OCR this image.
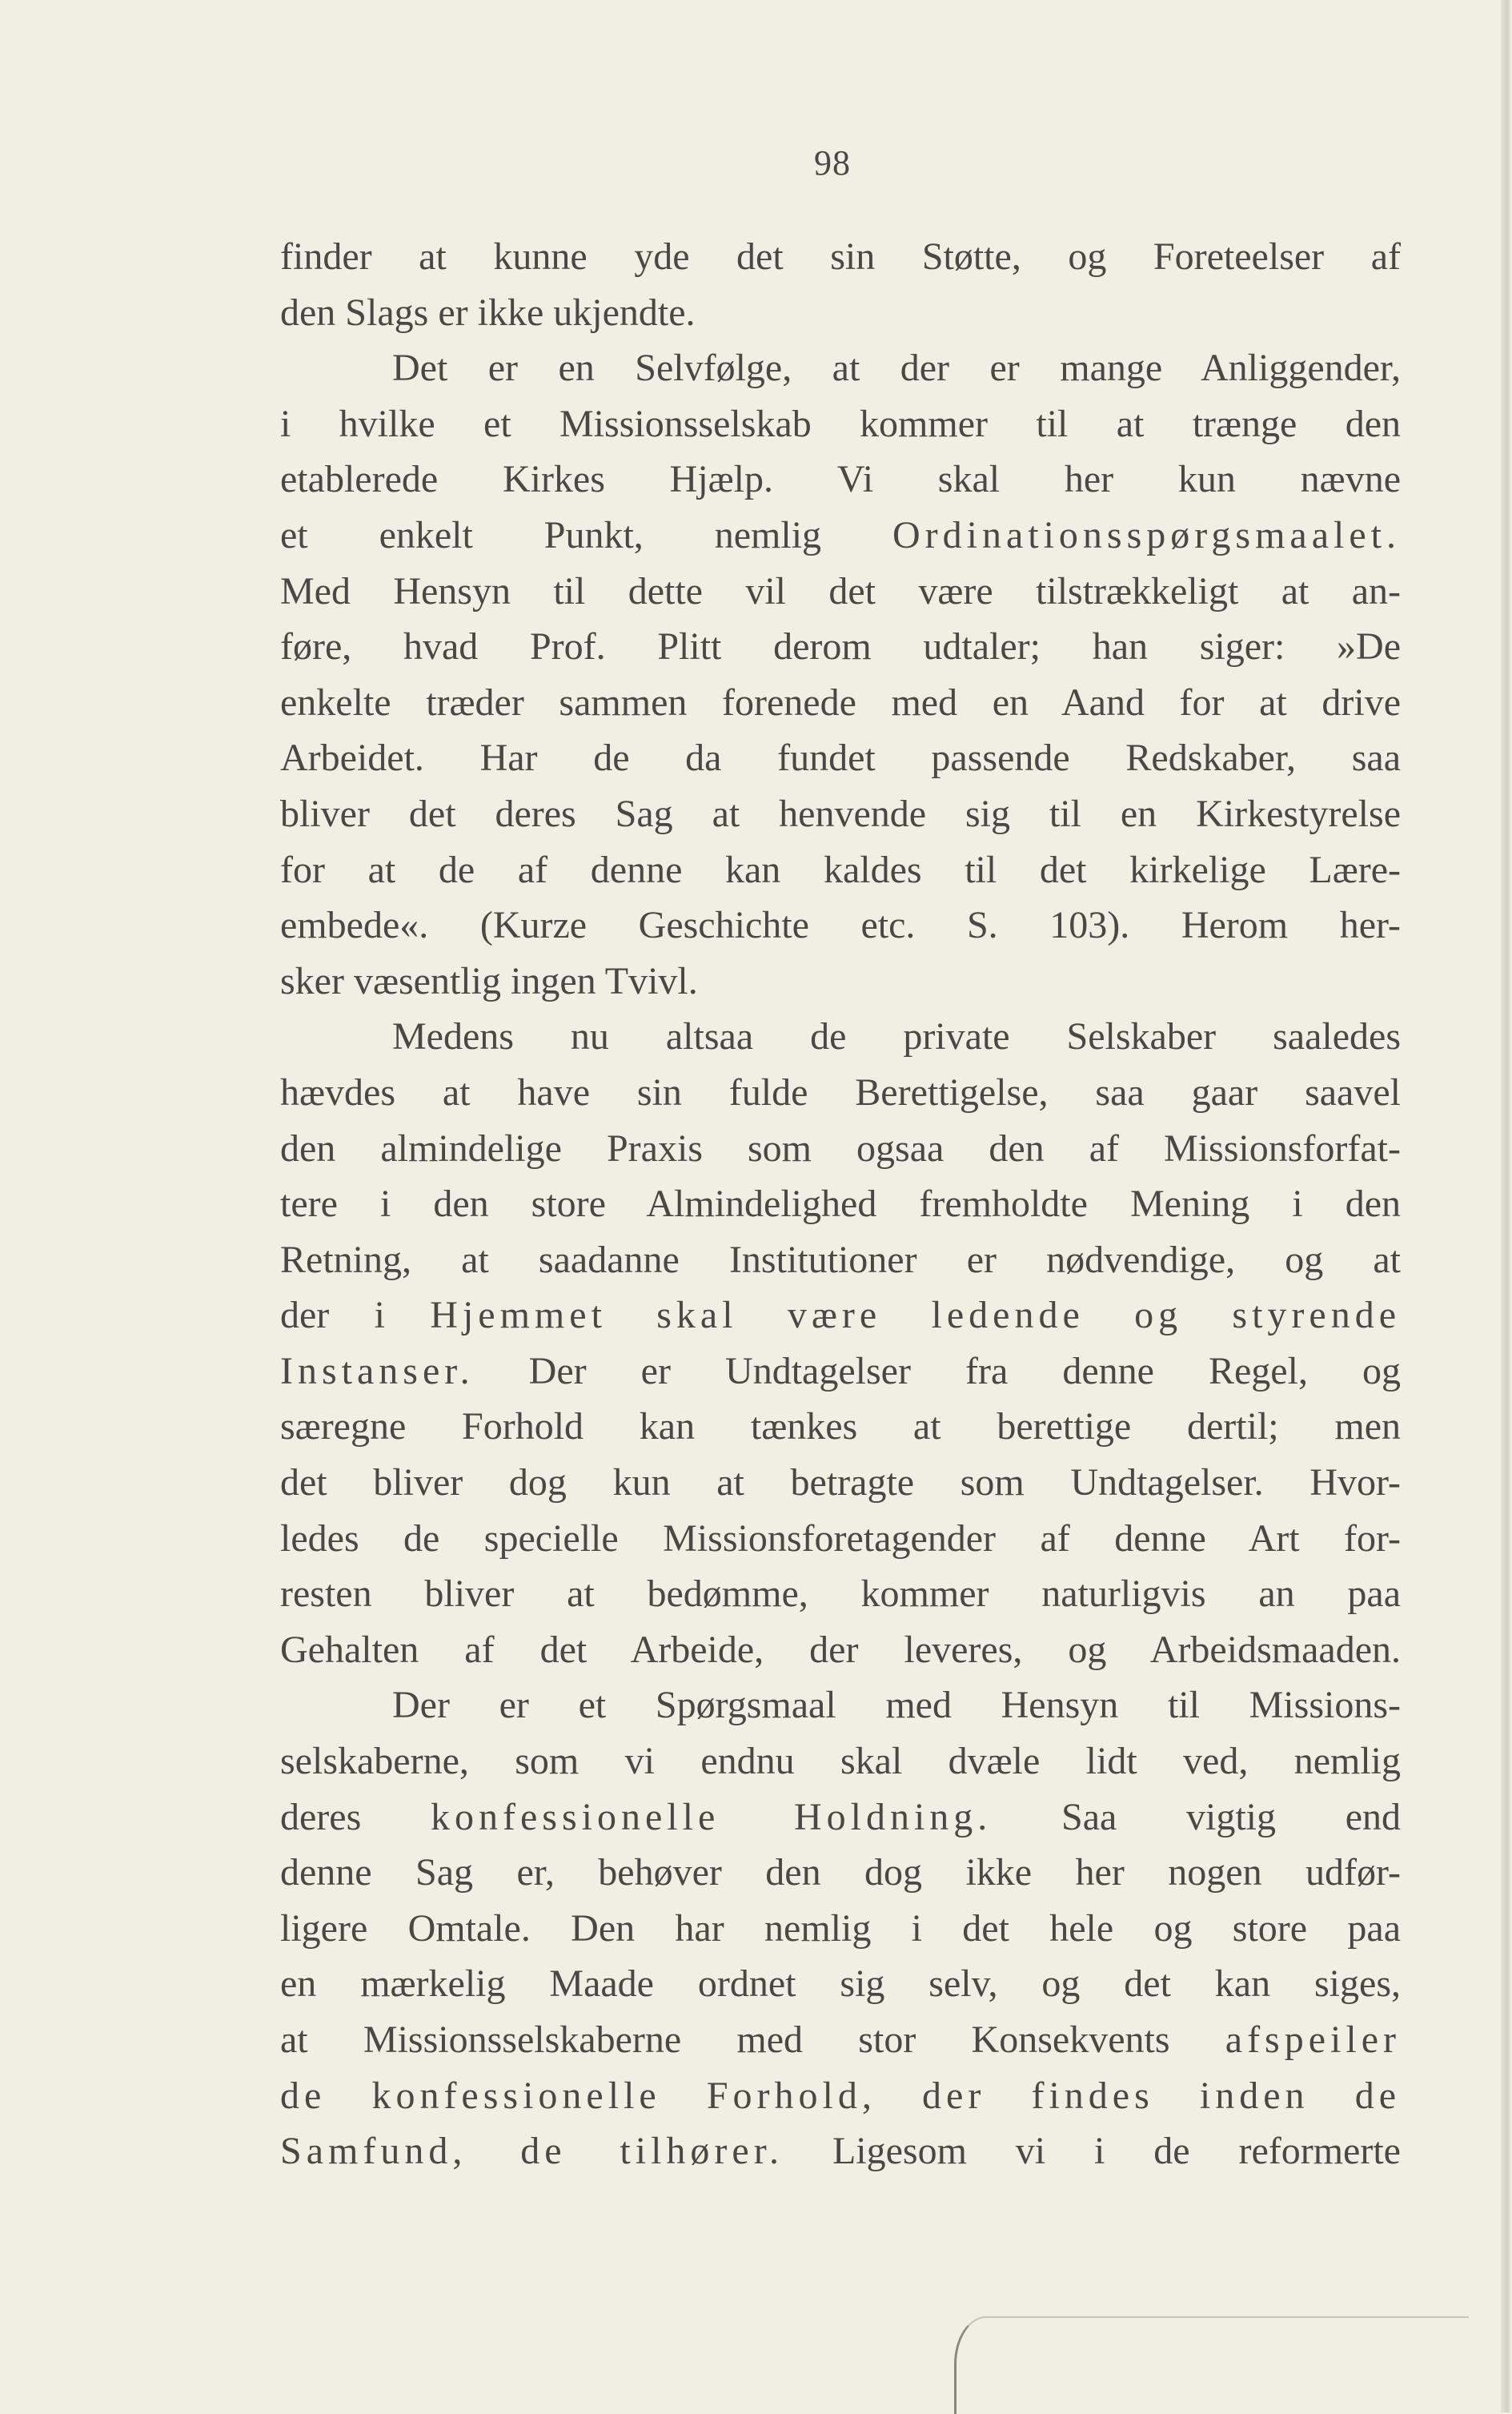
98
finder at kunne yde det sin Støtte, og Foreteelser af
den Slags er ikke ukjendte.
Det er en Selvfølge, at der er mange Anliggender,
i hvilke et Missionsselskab kommer til at trænge den
etablerede Kirkes Hjælp. Vi skal her kun nævne
et enkelt Punkt, nemlig Ordinationsspørgsmaalet.
Med Hensyn til dette vil det være tilstrækkeligt at an-
føre, hvad Prof. Plitt derom udtaler; han siger: »De
enkelte træder sammen forenede med en Aand for at drive
Arbeidet. Har de da fundet passende Redskaber, saa
bliver det deres Sag at henvende sig til en Kirkestyrelse
for at de af denne kan kaldes til det kirkelige Lære-
embede«. (Kurze Geschichte etc. S. 103). Herom her-
sker væsentlig ingen Tvivl.
Medens nu altsaa de private Selskaber saaledes
hævdes at have sin fulde Berettigelse, saa gaar saavel
den almindelige Praxis som ogsaa den af Missionsforfat-
tere i den store Almindelighed fremholdte Mening i den
Retning, at saadanne Institutioner er nødvendige, og at
der i Hjemmet skal være ledende og styrende
Instanser. Der er Undtagelser fra denne Regel, og
særegne Forhold kan tænkes at berettige dertil; men
det bliver dog kun at betragte som Undtagelser. Hvor-
ledes de specielle Missionsforetagender af denne Art for-
resten bliver at bedømme, kommer naturligvis an paa
Gehalten af det Arbeide, der leveres, og Arbeidsmaaden.
Der er et Spørgsmaal med Hensyn til Missions-
selskaberne, som vi endnu skal dvæle lidt ved, nemlig
deres konfessionelle Holdning. Saa vigtig end
denne Sag er, behøver den dog ikke her nogen udfør-
ligere Omtale. Den har nemlig i det hele og store paa
en mærkelig Maade ordnet sig selv, og det kan siges,
at Missionsselskaberne med stor Konsekvents afspeiler
de konfessionelle Forhold, der findes inden de
Samfund, de tilhører. Ligesom vi i de reformerte
